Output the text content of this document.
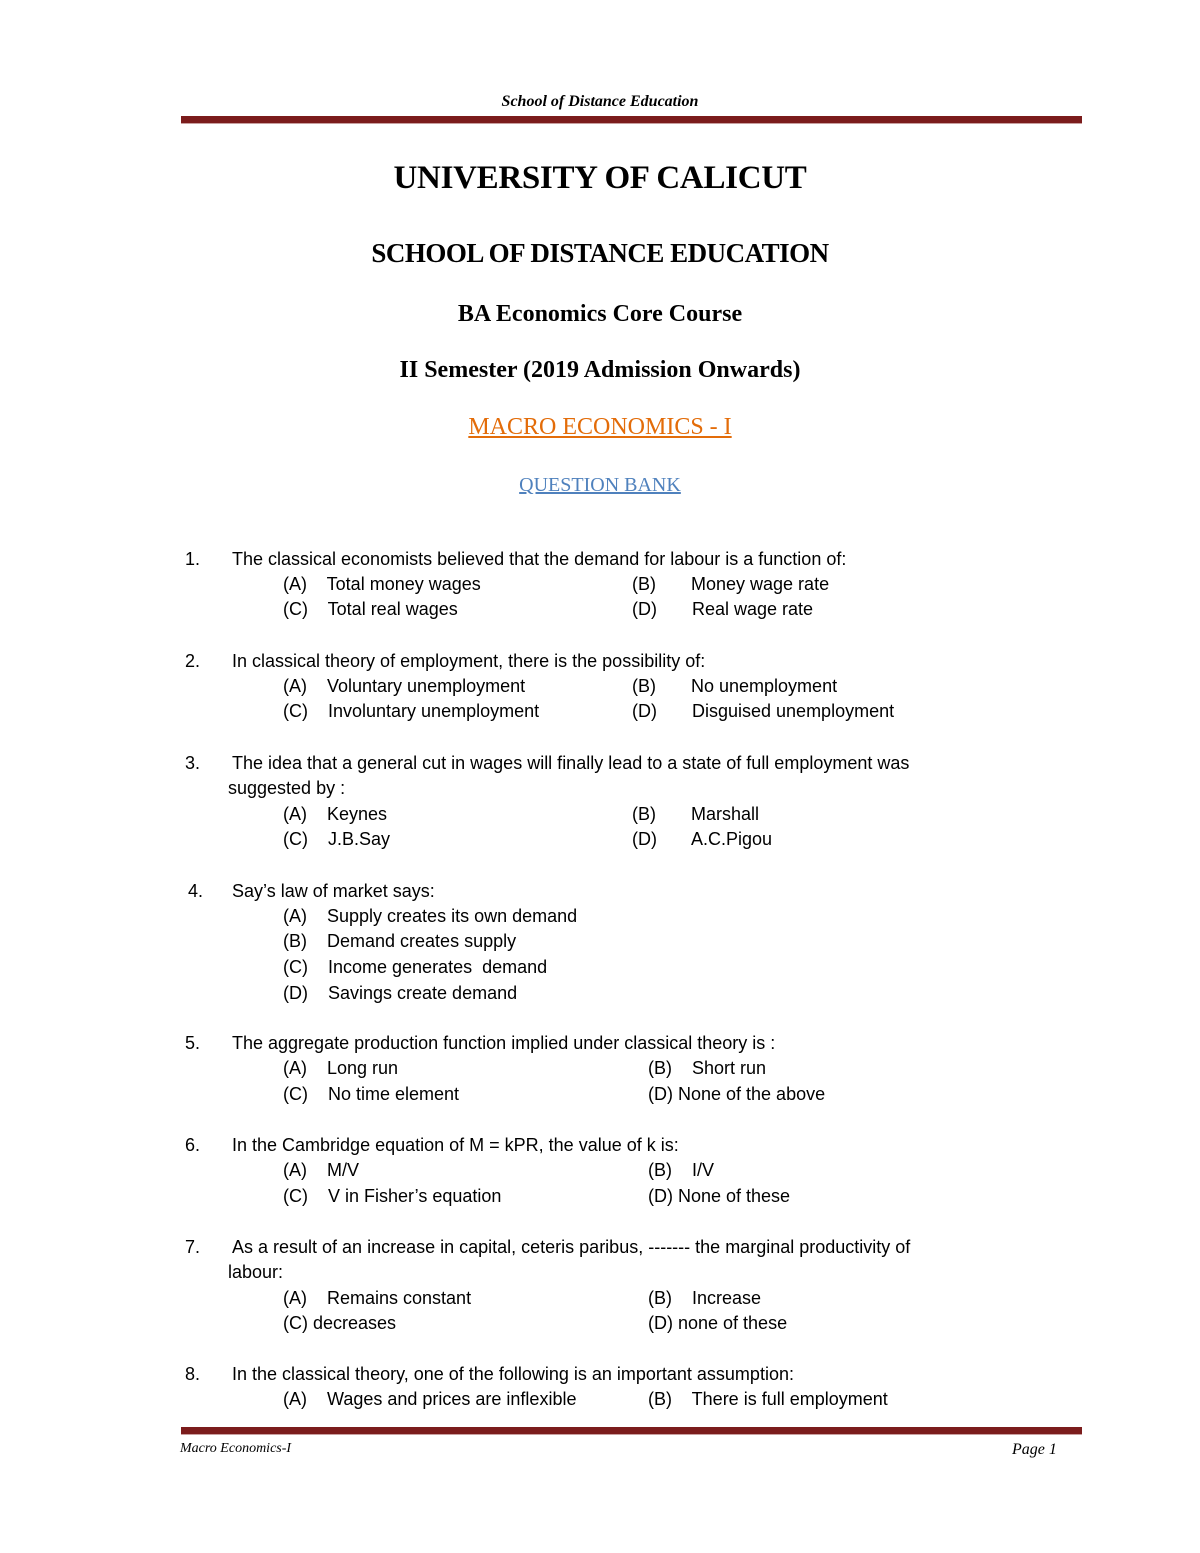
School of Distance Education
UNIVERSITY OF CALICUT
SCHOOL OF DISTANCE EDUCATION
BA Economics Core Course
II Semester (2019 Admission Onwards)
MACRO ECONOMICS - I
QUESTION BANK
1. The classical economists believed that the demand for labour is a function of:
(A)    Total money wages	(B)       Money wage rate
(C)    Total real wages	(D)       Real wage rate
2. In classical theory of employment, there is the possibility of:
(A)    Voluntary unemployment	(B)       No unemployment
(C)    Involuntary unemployment	(D)       Disguised unemployment
3. The idea that a general cut in wages will finally lead to a state of full employment was
suggested by :
(A)    Keynes	(B)       Marshall
(C)    J.B.Say	(D)       A.C.Pigou
4. Say’s law of market says:
(A)    Supply creates its own demand
(B)    Demand creates supply
(C)    Income generates  demand
(D)    Savings create demand
5. The aggregate production function implied under classical theory is :
(A)    Long run	(B)    Short run
(C)    No time element	(D) None of the above
6. In the Cambridge equation of M = kPR, the value of k is:
(A)    M/V	(B)    I/V
(C)    V in Fisher’s equation	(D) None of these
7. As a result of an increase in capital, ceteris paribus, ------- the marginal productivity of
labour:
(A)    Remains constant	(B)    Increase
(C) decreases	(D) none of these
8. In the classical theory, one of the following is an important assumption:
(A)    Wages and prices are inflexible	(B)    There is full employment
Macro Economics-I	Page 1
